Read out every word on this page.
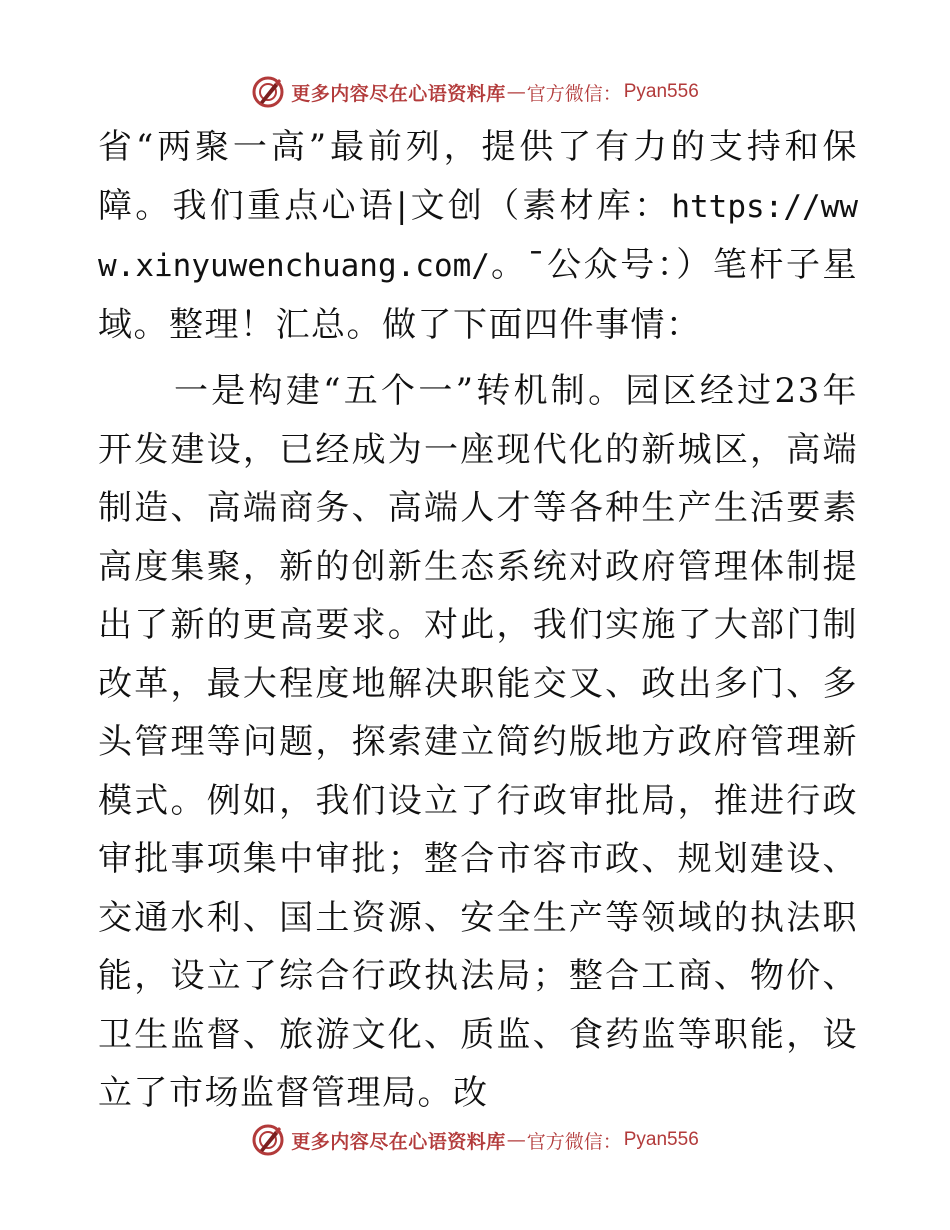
更多内容尽在心语资料库 — 官方微信： Pyan556

省“两聚一高”最前列，提供了有力的支持和保障。我们重点心语|文创（素材库：https://www.xinyuwenchuang.com/。¯公众号：）笔杆子星域。整理！汇总。做了下面四件事情：

一是构建“五个一”转机制。园区经过23年开发建设，已经成为一座现代化的新城区，高端制造、高端商务、高端人才等各种生产生活要素高度集聚，新的创新生态系统对政府管理体制提出了新的更高要求。对此，我们实施了大部门制改革，最大程度地解决职能交叉、政出多门、多头管理等问题，探索建立简约版地方政府管理新模式。例如，我们设立了行政审批局，推进行政审批事项集中审批；整合市容市政、规划建设、交通水利、国土资源、安全生产等领域的执法职能，设立了综合行政执法局；整合工商、物价、卫生监督、旅游文化、质监、食药监等职能，设立了市场监督管理局。改

更多内容尽在心语资料库 — 官方微信： Pyan556
